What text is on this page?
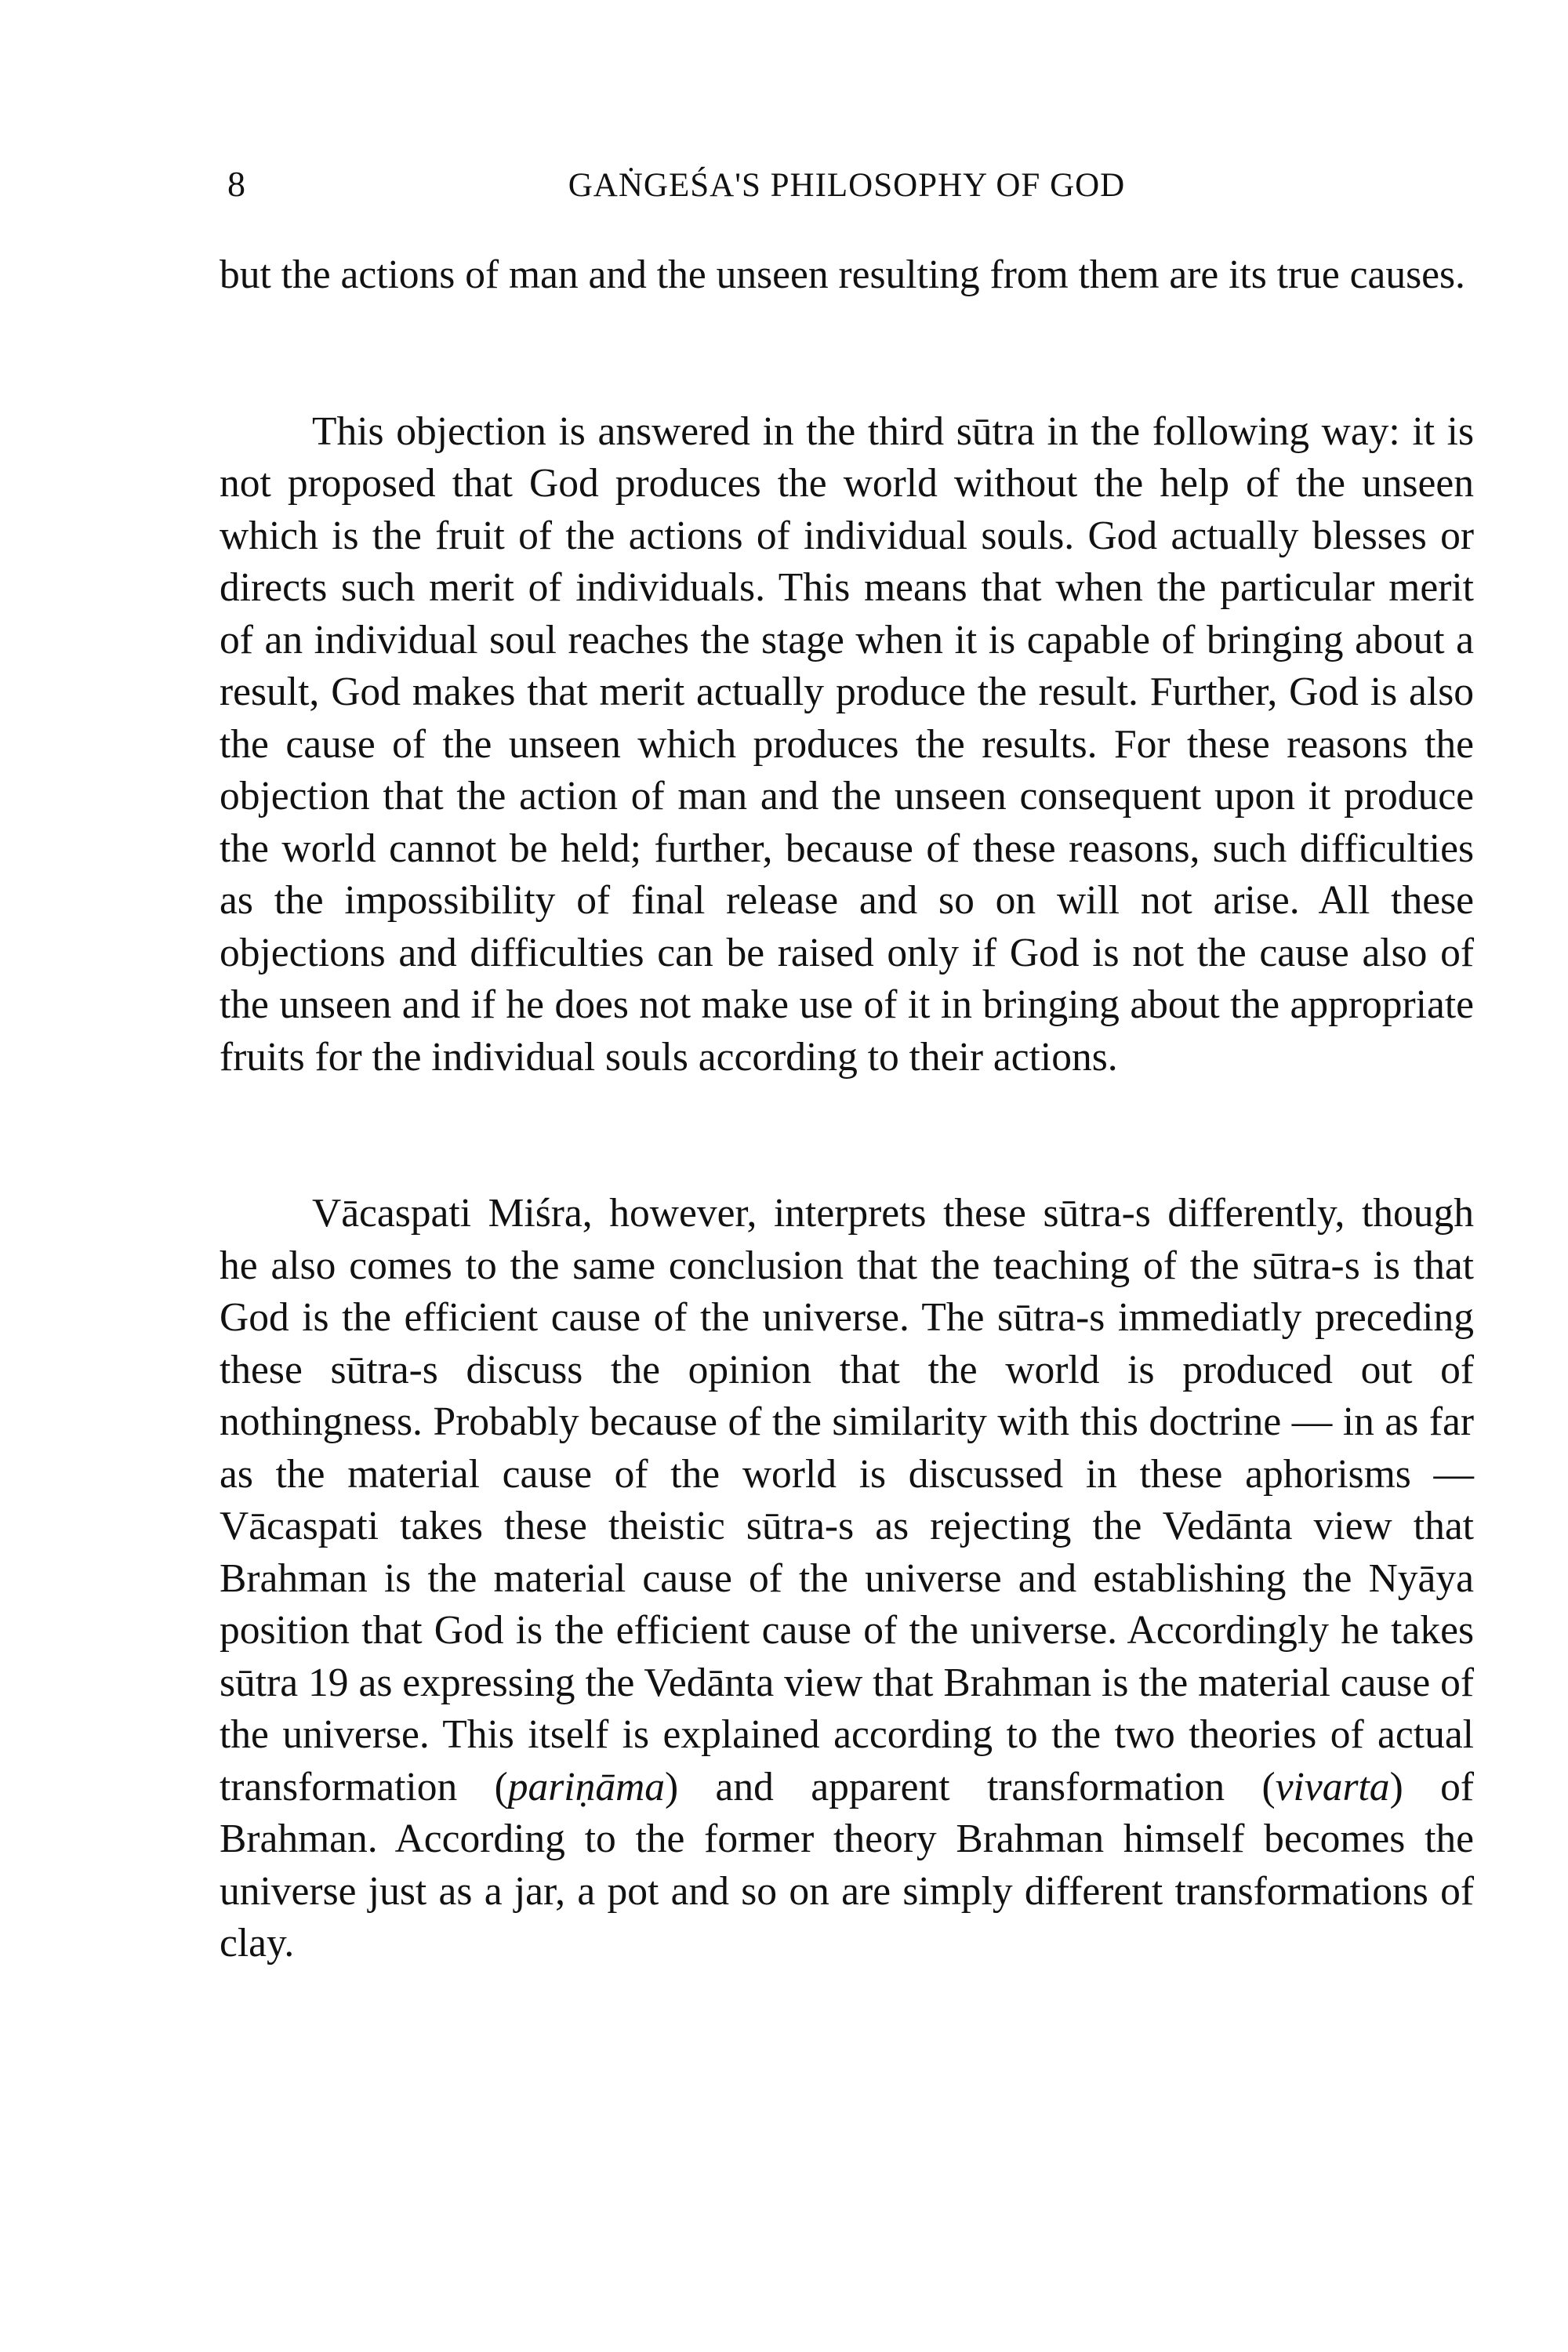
8	GAṄGEŚA'S PHILOSOPHY OF GOD

but the actions of man and the unseen resulting from them are its true causes.

This objection is answered in the third sūtra in the following way: it is not proposed that God produces the world without the help of the unseen which is the fruit of the actions of individual souls. God actually blesses or directs such merit of individuals. This means that when the particular merit of an individual soul reaches the stage when it is capable of bringing about a result, God makes that merit actually produce the result. Further, God is also the cause of the unseen which produces the results. For these reasons the objection that the action of man and the unseen consequent upon it produce the world cannot be held; further, because of these reasons, such difficulties as the impossibility of final release and so on will not arise. All these objections and difficulties can be raised only if God is not the cause also of the unseen and if he does not make use of it in bringing about the appropriate fruits for the individual souls according to their actions.

Vācaspati Miśra, however, interprets these sūtra-s differently, though he also comes to the same conclusion that the teaching of the sūtra-s is that God is the efficient cause of the universe. The sūtra-s immediatly preceding these sūtra-s discuss the opinion that the world is produced out of nothingness. Probably because of the similarity with this doctrine — in as far as the material cause of the world is discussed in these aphorisms — Vācaspati takes these theistic sūtra-s as rejecting the Vedānta view that Brahman is the material cause of the universe and establishing the Nyāya position that God is the efficient cause of the universe. Accordingly he takes sūtra 19 as expressing the Vedānta view that Brahman is the material cause of the universe. This itself is explained according to the two theories of actual transformation (pariṇāma) and apparent transformation (vivarta) of Brahman. According to the former theory Brahman himself becomes the universe just as a jar, a pot and so on are simply different transformations of clay.
